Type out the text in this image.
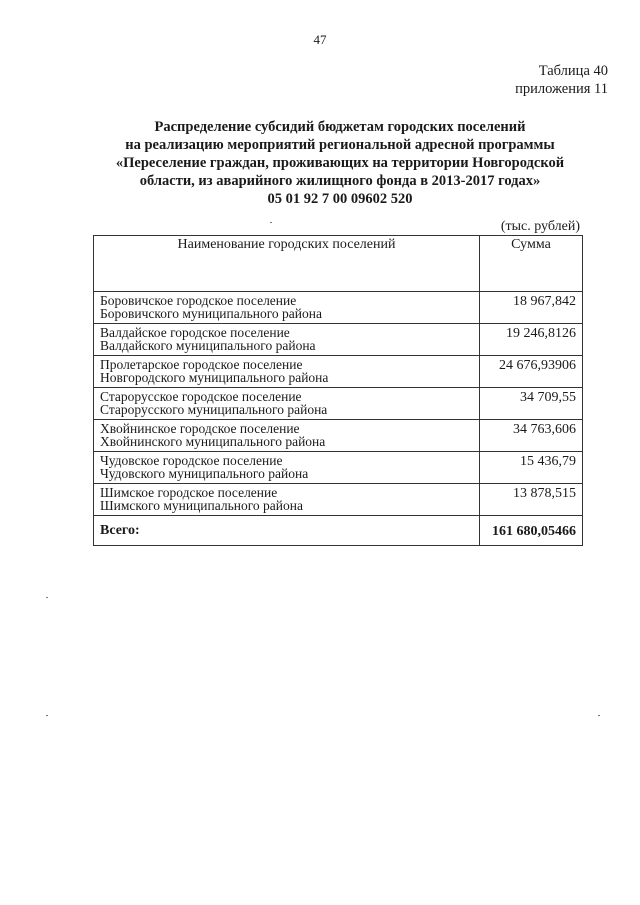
47
Таблица 40
приложения 11
Распределение субсидий бюджетам городских поселений
на реализацию мероприятий региональной адресной программы
«Переселение граждан, проживающих на территории Новгородской
области, из аварийного жилищного фонда в 2013-2017 годах»
05 01 92 7 00 09602 520
(тыс. рублей)
Наименование городских поселений	Сумма

Боровичское городское поселение
Боровичского муниципального района	18 967,842

Валдайское городское поселение
Валдайского муниципального района	19 246,8126

Пролетарское городское поселение
Новгородского муниципального района	24 676,93906

Старорусское городское поселение
Старорусского муниципального района	34 709,55

Хвойнинское городское поселение
Хвойнинского муниципального района	34 763,606

Чудовское городское поселение
Чудовского муниципального района	15 436,79

Шимское городское поселение
Шимского муниципального района	13 878,515
Всего:	161 680,05466
